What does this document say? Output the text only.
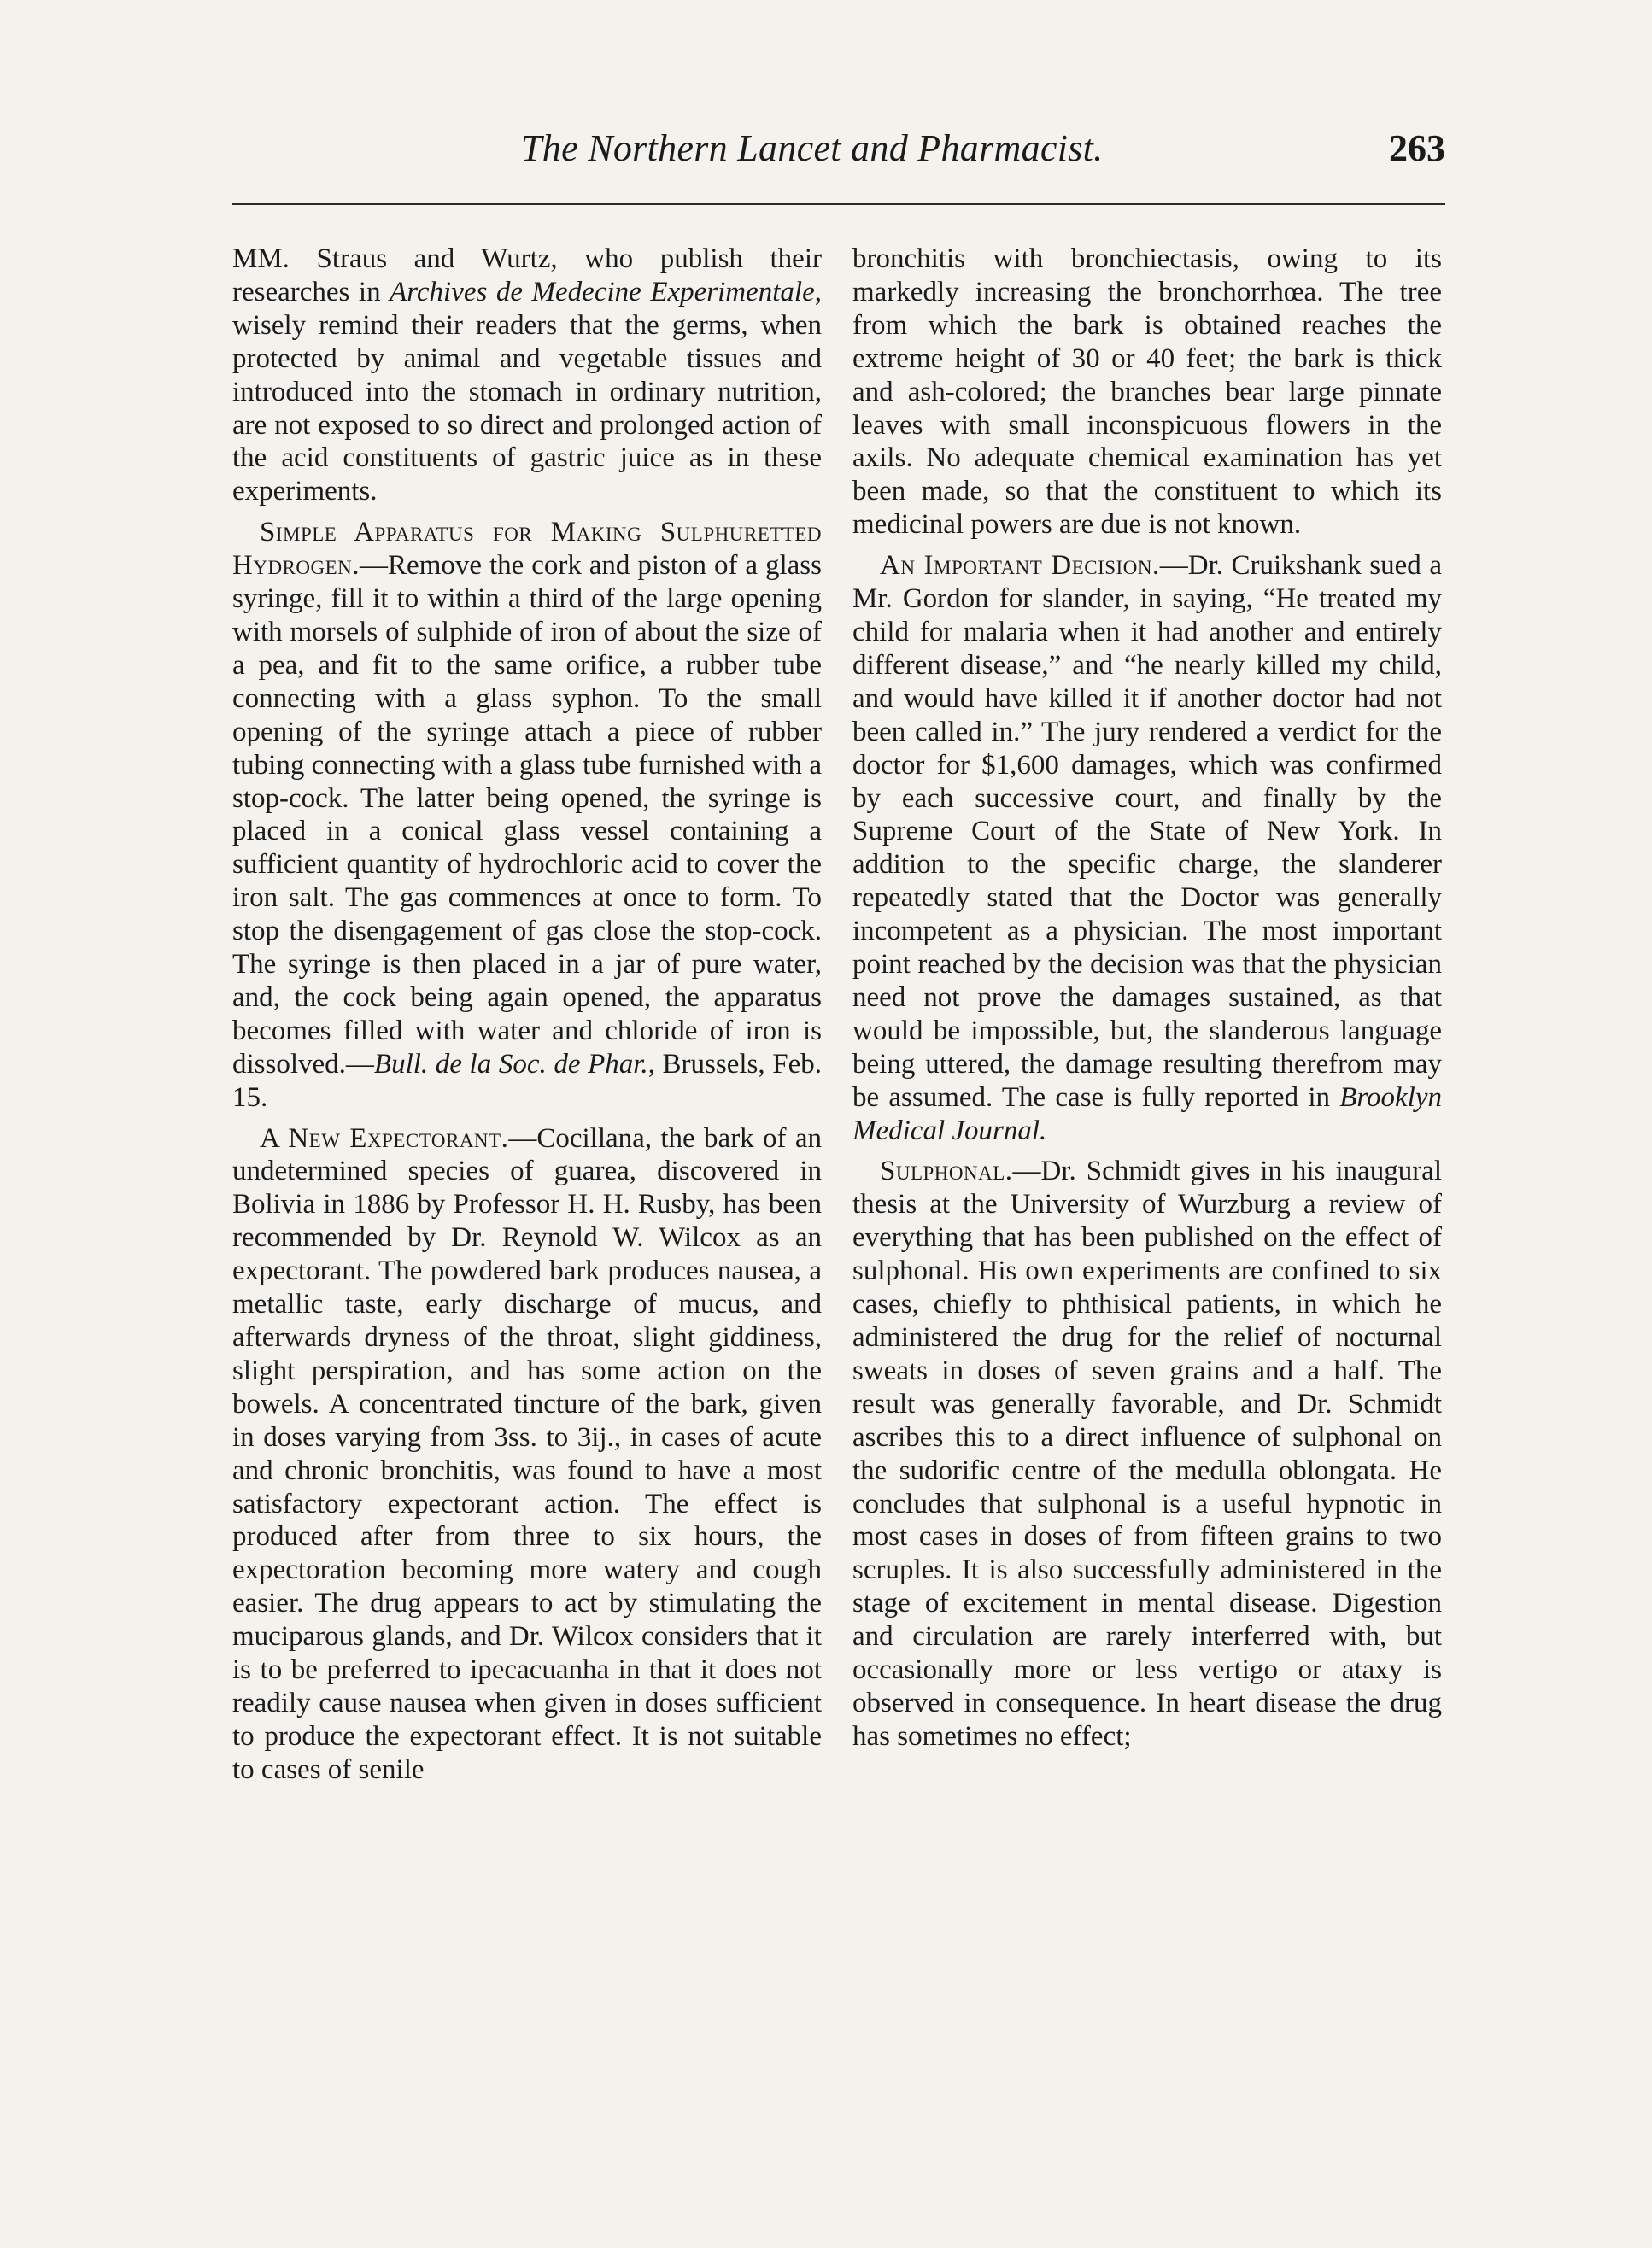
The Northern Lancet and Pharmacist.	263

MM. Straus and Wurtz, who publish their researches in Archives de Medecine Experimentale, wisely remind their readers that the germs, when protected by animal and vegetable tissues and introduced into the stomach in ordinary nutrition, are not exposed to so direct and prolonged action of the acid constituents of gastric juice as in these experiments.

Simple Apparatus for Making Sulphuretted Hydrogen.—Remove the cork and piston of a glass syringe, fill it to within a third of the large opening with morsels of sulphide of iron of about the size of a pea, and fit to the same orifice, a rubber tube connecting with a glass syphon. To the small opening of the syringe attach a piece of rubber tubing connecting with a glass tube furnished with a stop-cock. The latter being opened, the syringe is placed in a conical glass vessel containing a sufficient quantity of hydrochloric acid to cover the iron salt. The gas commences at once to form. To stop the disengagement of gas close the stop-cock. The syringe is then placed in a jar of pure water, and, the cock being again opened, the apparatus becomes filled with water and chloride of iron is dissolved.—Bull. de la Soc. de Phar., Brussels, Feb. 15.

A New Expectorant.—Cocillana, the bark of an undetermined species of guarea, discovered in Bolivia in 1886 by Professor H. H. Rusby, has been recommended by Dr. Reynold W. Wilcox as an expectorant. The powdered bark produces nausea, a metallic taste, early discharge of mucus, and afterwards dryness of the throat, slight giddiness, slight perspiration, and has some action on the bowels. A concentrated tincture of the bark, given in doses varying from 3ss. to 3ij., in cases of acute and chronic bronchitis, was found to have a most satisfactory expectorant action. The effect is produced after from three to six hours, the expectoration becoming more watery and cough easier. The drug appears to act by stimulating the muciparous glands, and Dr. Wilcox considers that it is to be preferred to ipecacuanha in that it does not readily cause nausea when given in doses sufficient to produce the expectorant effect. It is not suitable to cases of senile

bronchitis with bronchiectasis, owing to its markedly increasing the bronchorrhœa. The tree from which the bark is obtained reaches the extreme height of 30 or 40 feet; the bark is thick and ash-colored; the branches bear large pinnate leaves with small inconspicuous flowers in the axils. No adequate chemical examination has yet been made, so that the constituent to which its medicinal powers are due is not known.

An Important Decision.—Dr. Cruikshank sued a Mr. Gordon for slander, in saying, “He treated my child for malaria when it had another and entirely different disease,” and “he nearly killed my child, and would have killed it if another doctor had not been called in.” The jury rendered a verdict for the doctor for $1,600 damages, which was confirmed by each successive court, and finally by the Supreme Court of the State of New York. In addition to the specific charge, the slanderer repeatedly stated that the Doctor was generally incompetent as a physician. The most important point reached by the decision was that the physician need not prove the damages sustained, as that would be impossible, but, the slanderous language being uttered, the damage resulting therefrom may be assumed. The case is fully reported in Brooklyn Medical Journal.

Sulphonal.—Dr. Schmidt gives in his inaugural thesis at the University of Wurzburg a review of everything that has been published on the effect of sulphonal. His own experiments are confined to six cases, chiefly to phthisical patients, in which he administered the drug for the relief of nocturnal sweats in doses of seven grains and a half. The result was generally favorable, and Dr. Schmidt ascribes this to a direct influence of sulphonal on the sudorific centre of the medulla oblongata. He concludes that sulphonal is a useful hypnotic in most cases in doses of from fifteen grains to two scruples. It is also successfully administered in the stage of excitement in mental disease. Digestion and circulation are rarely interferred with, but occasionally more or less vertigo or ataxy is observed in consequence. In heart disease the drug has sometimes no effect;
